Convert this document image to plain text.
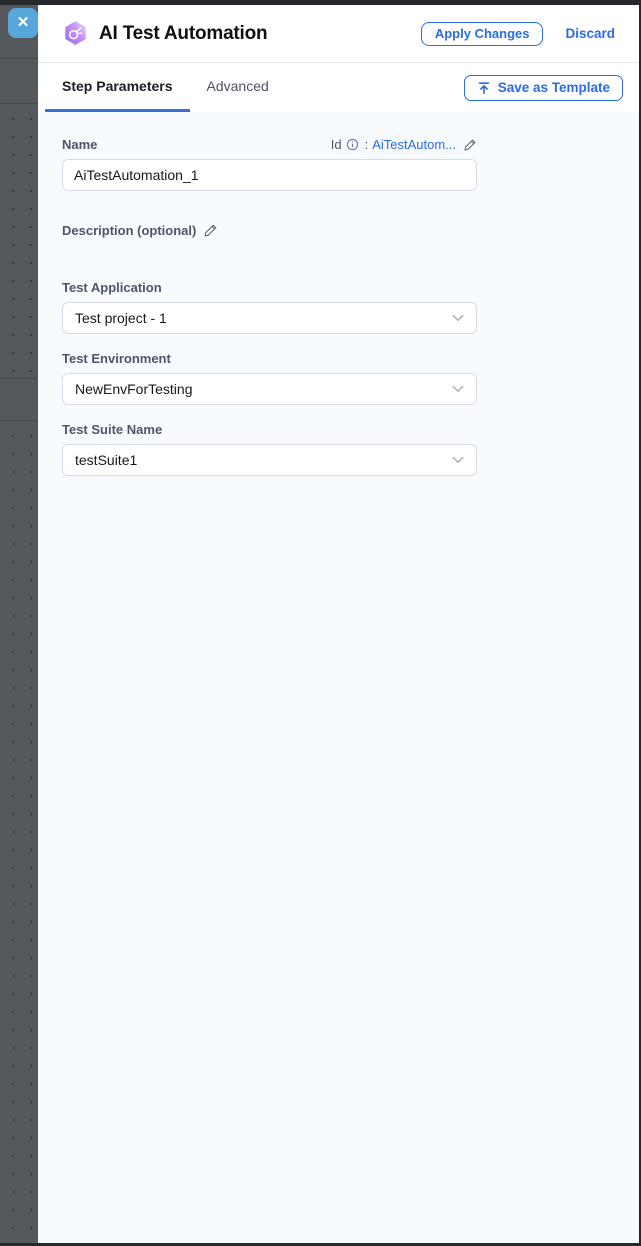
✕	AI Test Automation	Apply Changes	Discard
Step Parameters	Advanced	Save as Template
Name	Id : AiTestAutom...
AiTestAutomation_1
Description (optional)
Test Application
Test project - 1
Test Environment
NewEnvForTesting
Test Suite Name
testSuite1
